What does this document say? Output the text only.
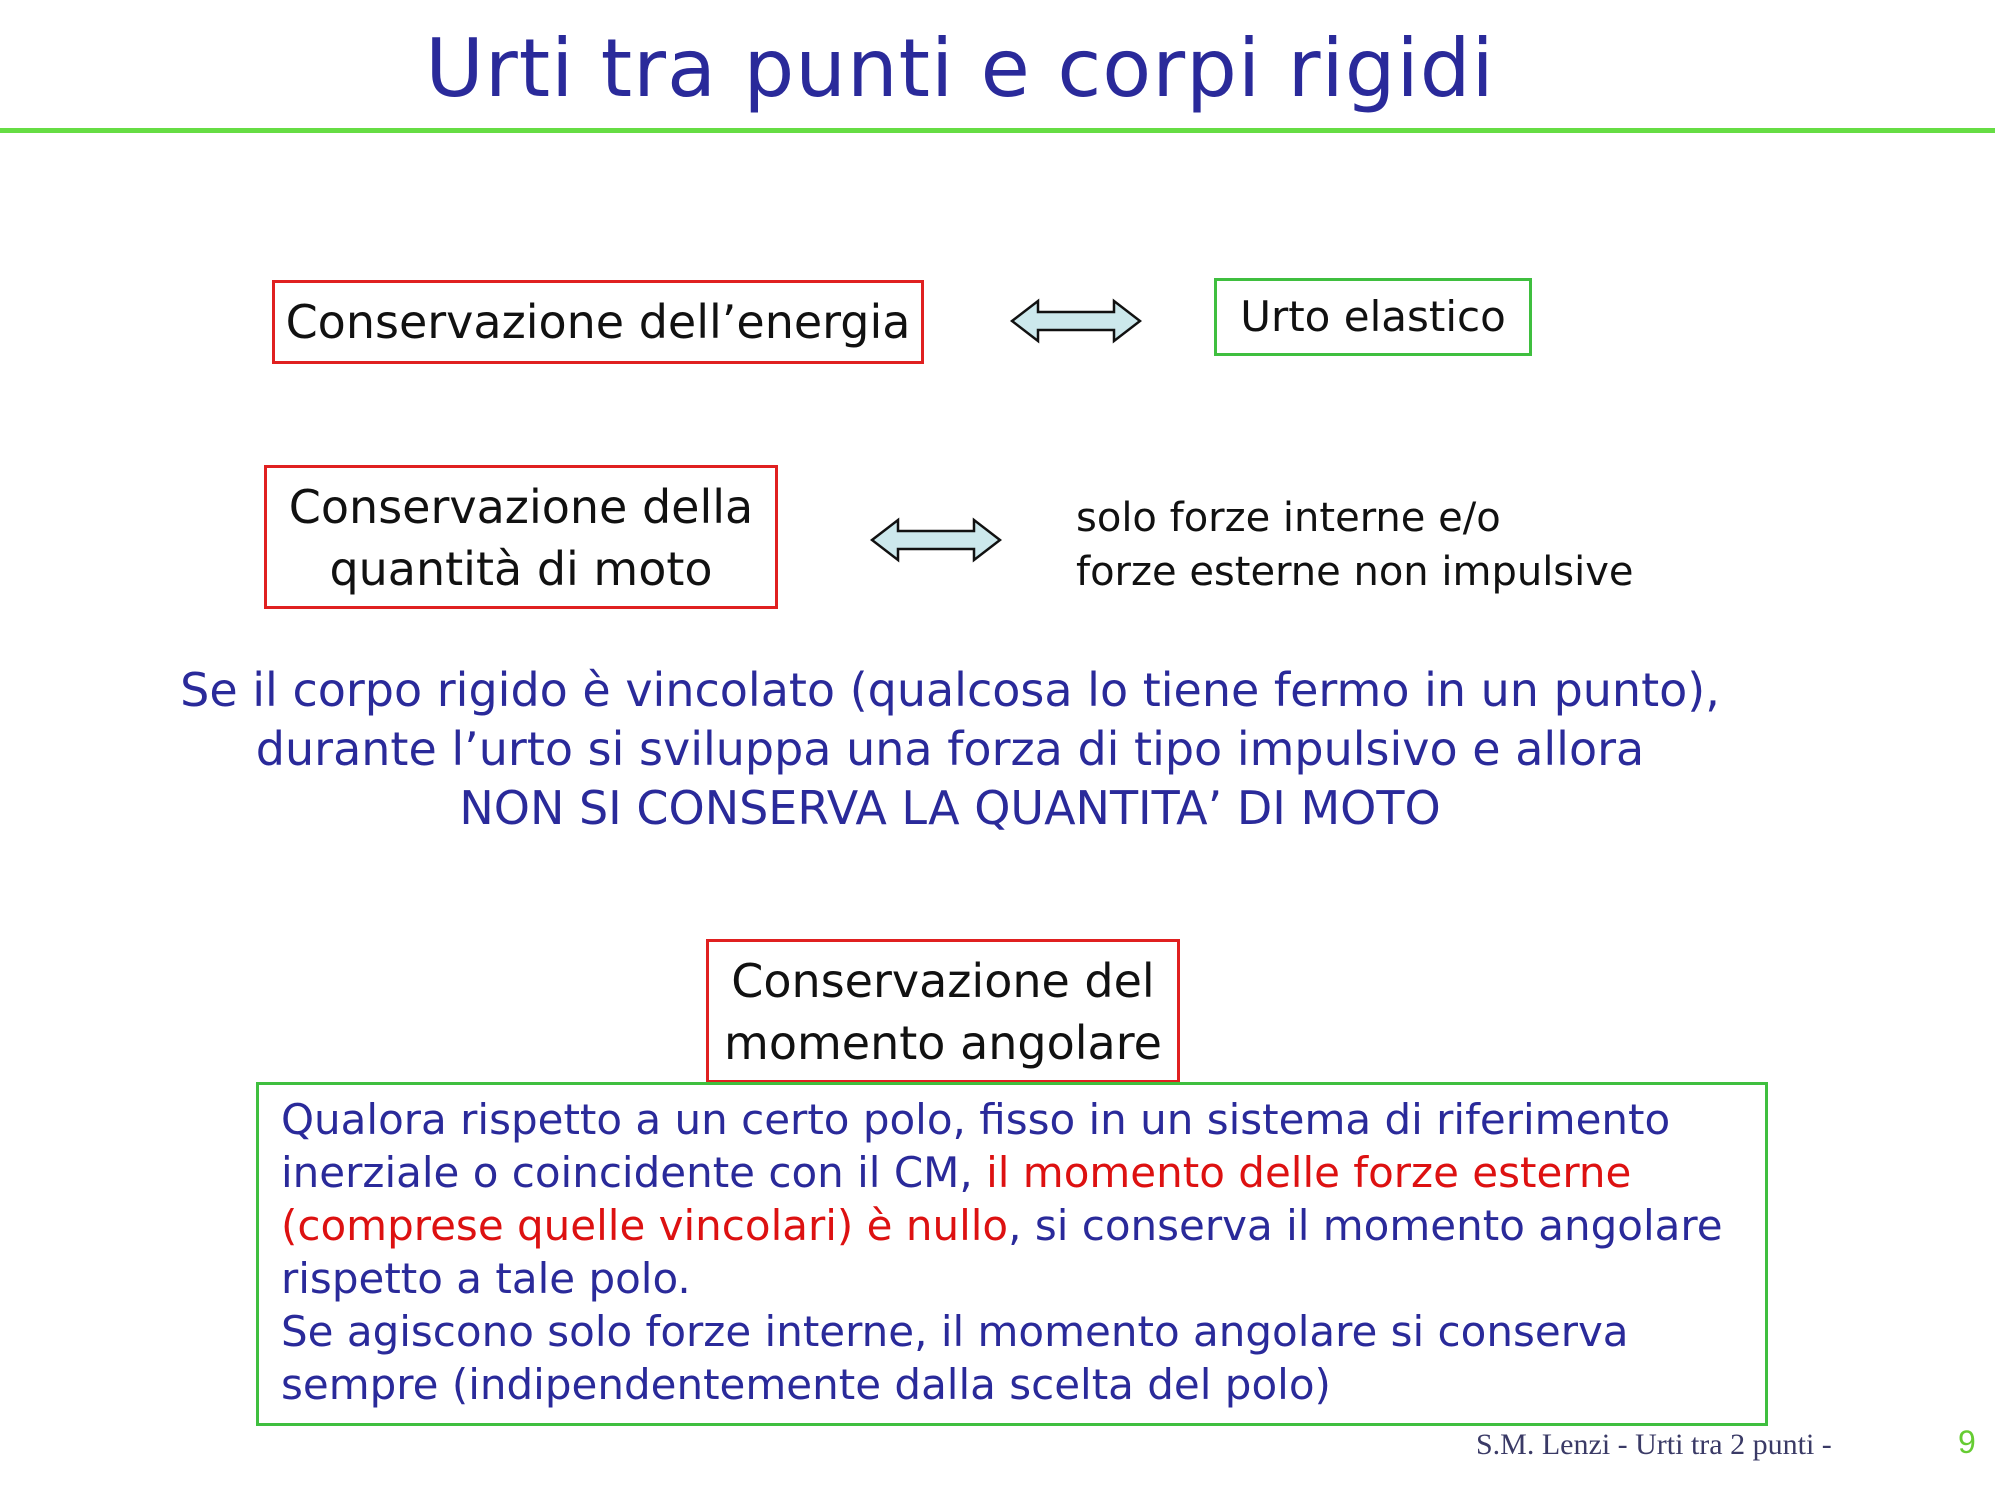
Urti tra punti e corpi rigidi
Conservazione dell’energia	Urto elastico
Conservazione della
quantità di moto
solo forze interne e/o
forze esterne non impulsive
Se il corpo rigido è vincolato (qualcosa lo tiene fermo in un punto),
durante l’urto si sviluppa una forza di tipo impulsivo e allora
NON SI CONSERVA LA QUANTITA’ DI MOTO
Conservazione del
momento angolare
Qualora rispetto a un certo polo, fisso in un sistema di riferimento inerziale o coincidente con il CM, il momento delle forze esterne (comprese quelle vincolari) è nullo, si conserva il momento angolare rispetto a tale polo.
Se agiscono solo forze interne, il momento angolare si conserva sempre (indipendentemente dalla scelta del polo)
S.M. Lenzi - Urti tra 2 punti -	9
